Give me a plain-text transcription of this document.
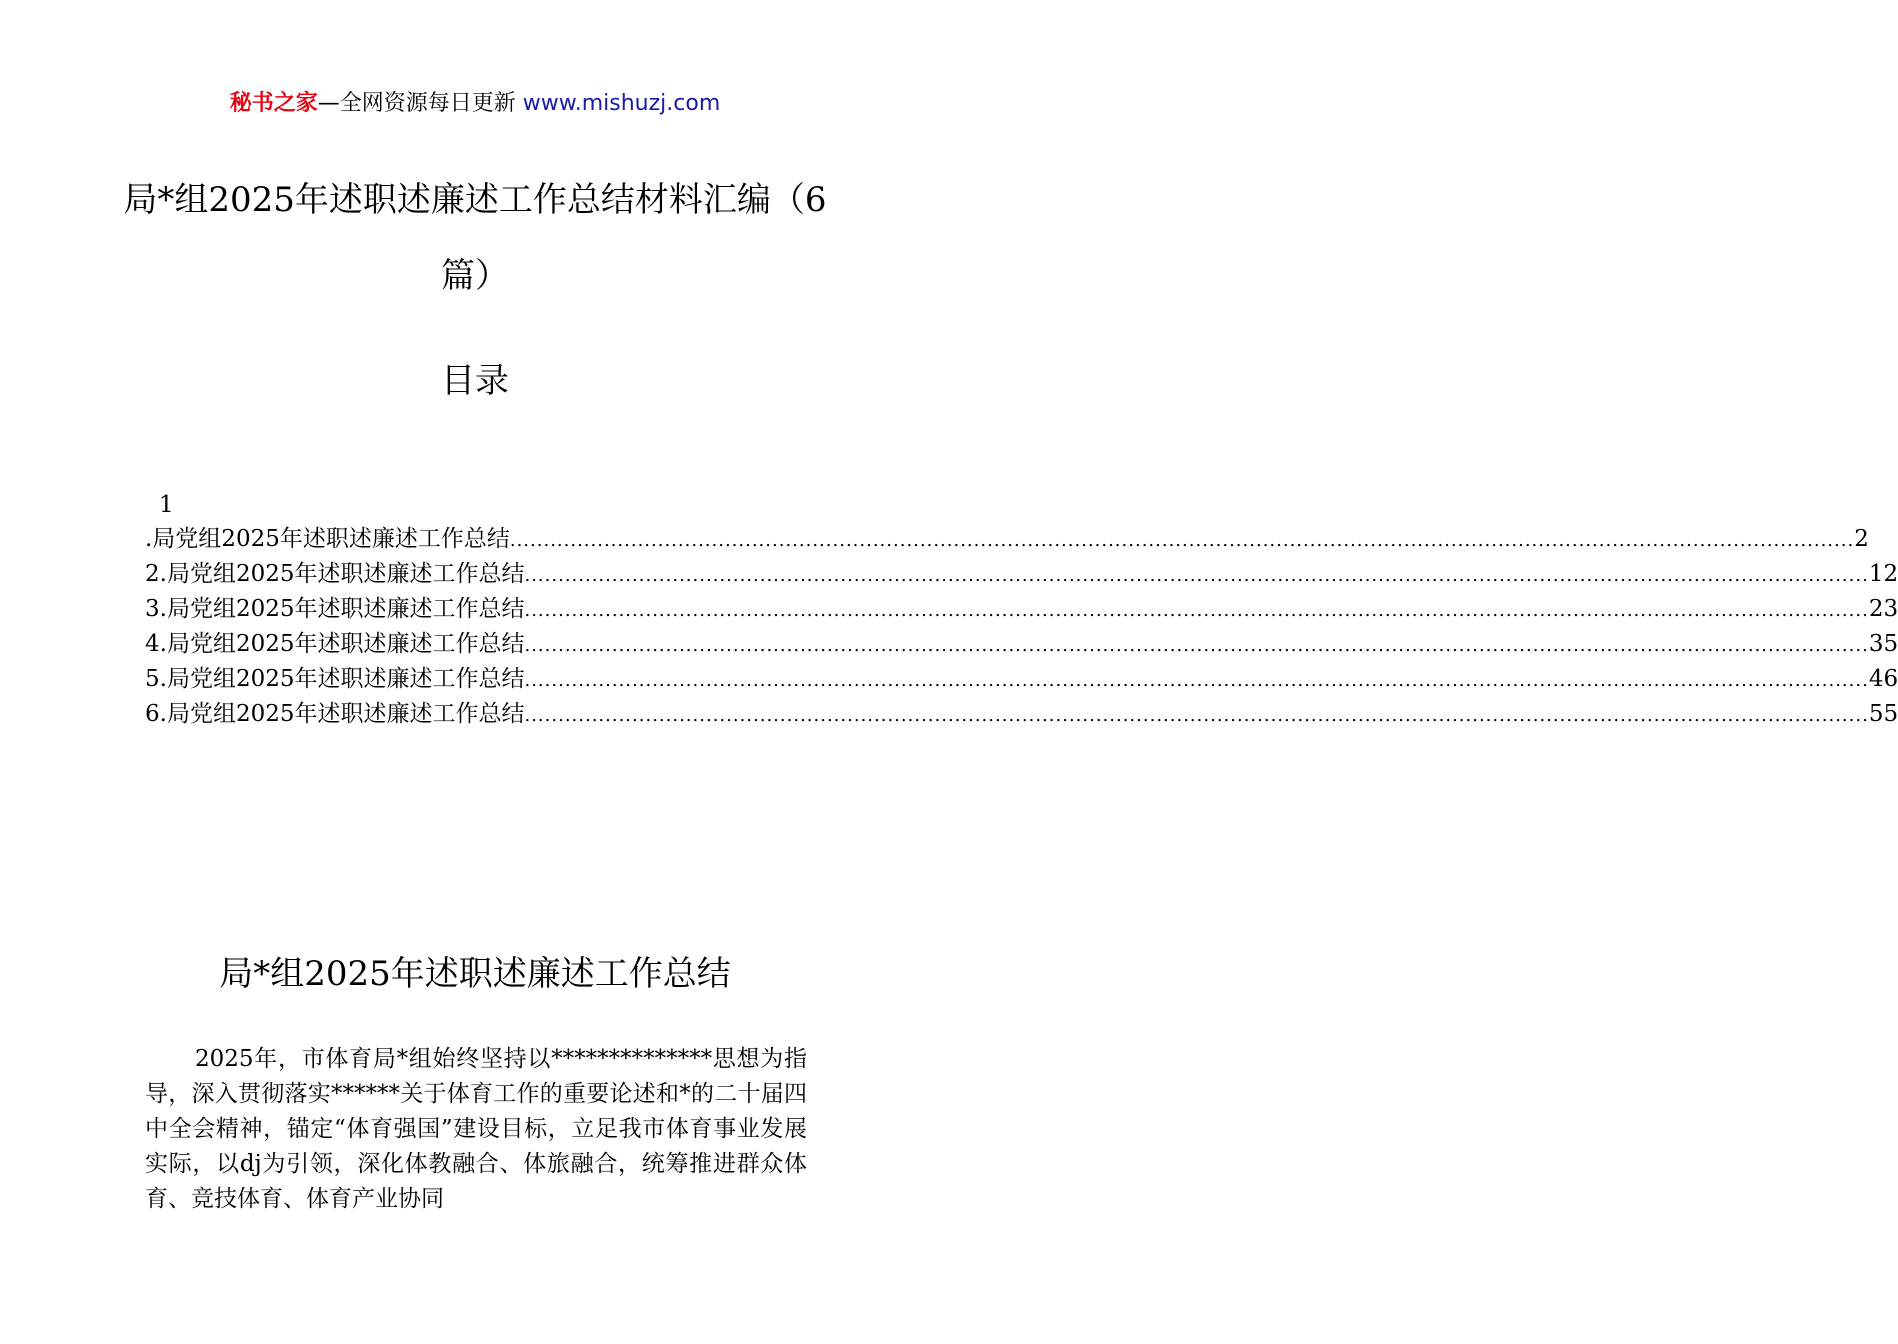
秘书之家—全网资源每日更新 www.mishuzj.com
局*组2025年述职述廉述工作总结材料汇编（6篇）
目录
1
.局党组2025年述职述廉述工作总结 ........................................................................................................................................................................................................ 2
2.局党组2025年述职述廉述工作总结 ........................................................................................................................................................................................................ 12
3.局党组2025年述职述廉述工作总结 ........................................................................................................................................................................................................ 23
4.局党组2025年述职述廉述工作总结 ........................................................................................................................................................................................................ 35
5.局党组2025年述职述廉述工作总结 ........................................................................................................................................................................................................ 46
6.局党组2025年述职述廉述工作总结 ........................................................................................................................................................................................................ 55
局*组2025年述职述廉述工作总结

2025年，市体育局*组始终坚持以**************思想为指导，深入贯彻落实******关于体育工作的重要论述和*的二十届四中全会精神，锚定“体育强国”建设目标，立足我市体育事业发展实际，以dj为引领，深化体教融合、体旅融合，统筹推进群众体育、竞技体育、体育产业协同
